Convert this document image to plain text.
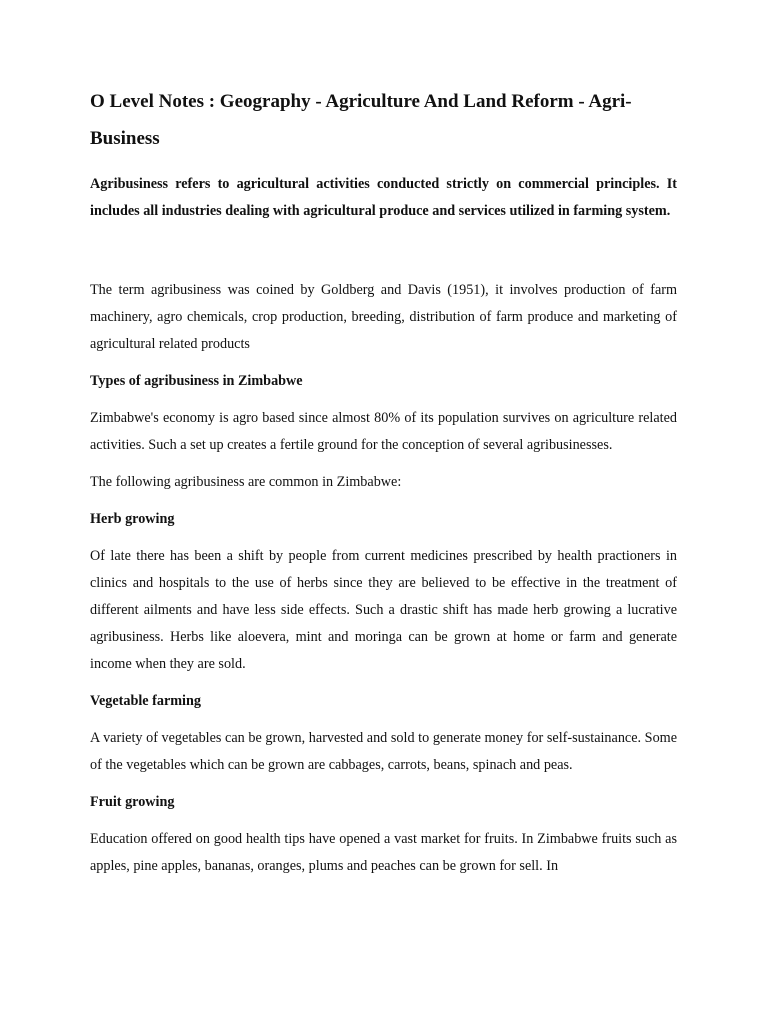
O Level Notes : Geography - Agriculture And Land Reform - Agri-Business

Agribusiness refers to agricultural activities conducted strictly on commercial principles. It includes all industries dealing with agricultural produce and services utilized in farming system.

The term agribusiness was coined by Goldberg and Davis (1951), it involves production of farm machinery, agro chemicals, crop production, breeding, distribution of farm produce and marketing of agricultural related products

Types of agribusiness in Zimbabwe

Zimbabwe's economy is agro based since almost 80% of its population survives on agriculture related activities. Such a set up creates a fertile ground for the conception of several agribusinesses.

The following agribusiness are common in Zimbabwe:

Herb growing

Of late there has been a shift by people from current medicines prescribed by health practioners in clinics and hospitals to the use of herbs since they are believed to be effective in the treatment of different ailments and have less side effects. Such a drastic shift has made herb growing a lucrative agribusiness. Herbs like aloevera, mint and moringa can be grown at home or farm and generate income when they are sold.

Vegetable farming

A variety of vegetables can be grown, harvested and sold to generate money for self-sustainance. Some of the vegetables which can be grown are cabbages, carrots, beans, spinach and peas.

Fruit growing

Education offered on good health tips have opened a vast market for fruits. In Zimbabwe fruits such as apples, pine apples, bananas, oranges, plums and peaches can be grown for sell. In
